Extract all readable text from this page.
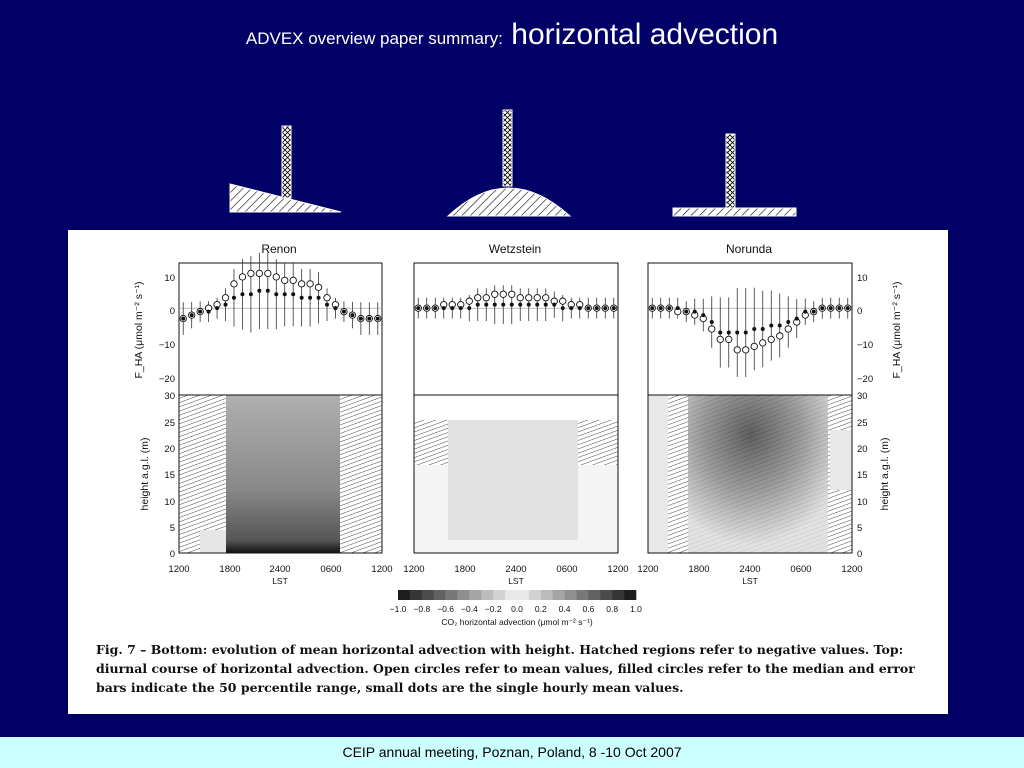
ADVEX overview paper summary: horizontal advection
Renon	Wetzstein	Norunda
10
0
−10
−20
10
0
−10
−20
0
5
10
15
20
25
30
0
5
10
15
20
25
30
F_HA (μmol m⁻² s⁻¹)	F_HA (μmol m⁻² s⁻¹)
height a.g.l. (m)	height a.g.l. (m)
1200	1800	2400	0600	1200
LST
1200	1800	2400	0600	1200
LST
1200	1800	2400	0600	1200
LST
−1.0 −0.8 −0.6 −0.4 −0.2 0.0 0.2 0.4 0.6 0.8 1.0
CO₂ horizontal advection (μmol m⁻² s⁻¹)
Fig. 7 – Bottom: evolution of mean horizontal advection with height. Hatched regions refer to negative values. Top: diurnal course of horizontal advection. Open circles refer to mean values, filled circles refer to the median and error bars indicate the 50 percentile range, small dots are the single hourly mean values.
CEIP annual meeting, Poznan, Poland, 8 -10 Oct 2007
